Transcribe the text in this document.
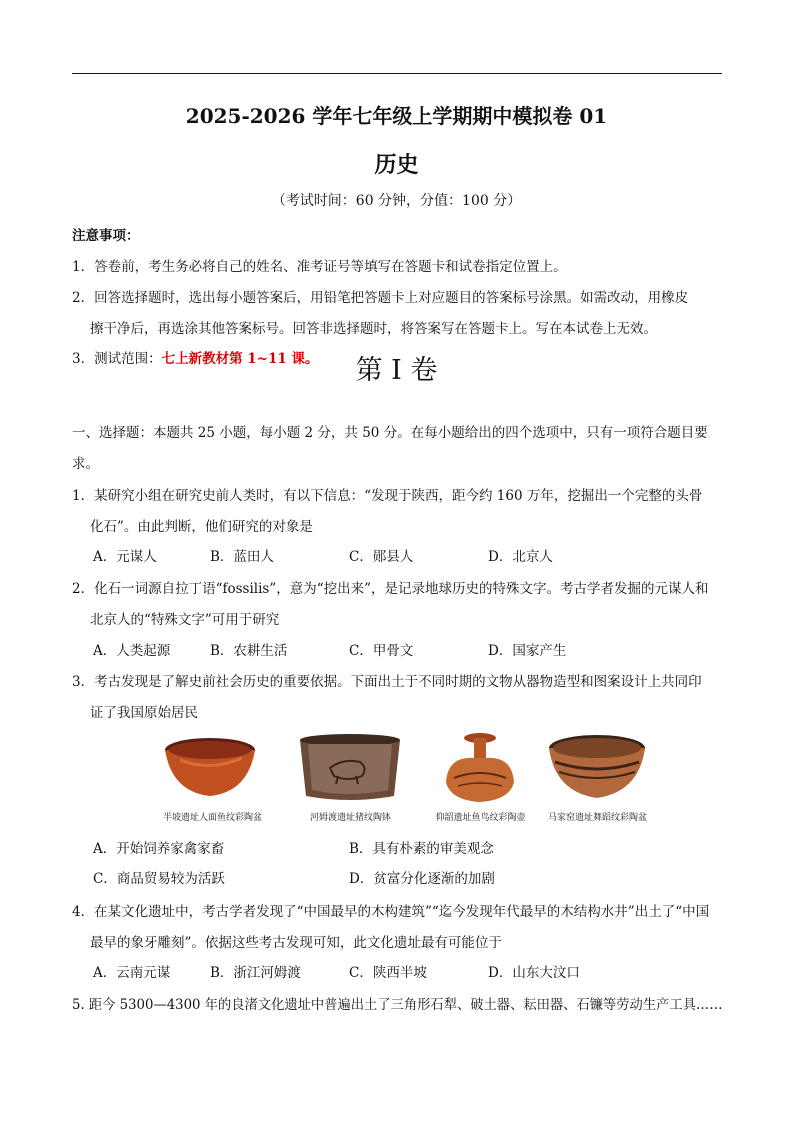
2025-2026 学年七年级上学期期中模拟卷 01
历史
（考试时间：60 分钟，分值：100 分）
注意事项：
1．答卷前，考生务必将自己的姓名、准考证号等填写在答题卡和试卷指定位置上。
2．回答选择题时，选出每小题答案后，用铅笔把答题卡上对应题目的答案标号涂黑。如需改动，用橡皮
擦干净后，再选涂其他答案标号。回答非选择题时，将答案写在答题卡上。写在本试卷上无效。
3．测试范围：七上新教材第 1~11 课。	第 I 卷
一、选择题：本题共 25 小题，每小题 2 分，共 50 分。在每小题给出的四个选项中，只有一项符合题目要
求。
1．某研究小组在研究史前人类时，有以下信息：“发现于陕西，距今约 160 万年，挖掘出一个完整的头骨
化石”。由此判断，他们研究的对象是
A．元谋人	B．蓝田人	C．郧县人	D．北京人
2．化石一词源自拉丁语“fossilis”，意为“挖出来”，是记录地球历史的特殊文字。考古学者发掘的元谋人和
北京人的“特殊文字”可用于研究
A．人类起源	B．农耕生活	C．甲骨文	D．国家产生
3．考古发现是了解史前社会历史的重要依据。下面出土于不同时期的文物从器物造型和图案设计上共同印
证了我国原始居民
半坡遗址人面鱼纹彩陶盆	河姆渡遗址猪纹陶钵	仰韶遗址鱼鸟纹彩陶壶	马家窑遗址舞蹈纹彩陶盆
A．开始饲养家禽家畜	B．具有朴素的审美观念
C．商品贸易较为活跃	D．贫富分化逐渐的加剧
4．在某文化遗址中，考古学者发现了“中国最早的木构建筑”“迄今发现年代最早的木结构水井”出土了“中国
最早的象牙雕刻”。依据这些考古发现可知，此文化遗址最有可能位于
A．云南元谋	B．浙江河姆渡	C．陕西半坡	D．山东大汶口
5. 距今 5300—4300 年的良渚文化遗址中普遍出土了三角形石犁、破土器、耘田器、石镰等劳动生产工具……
